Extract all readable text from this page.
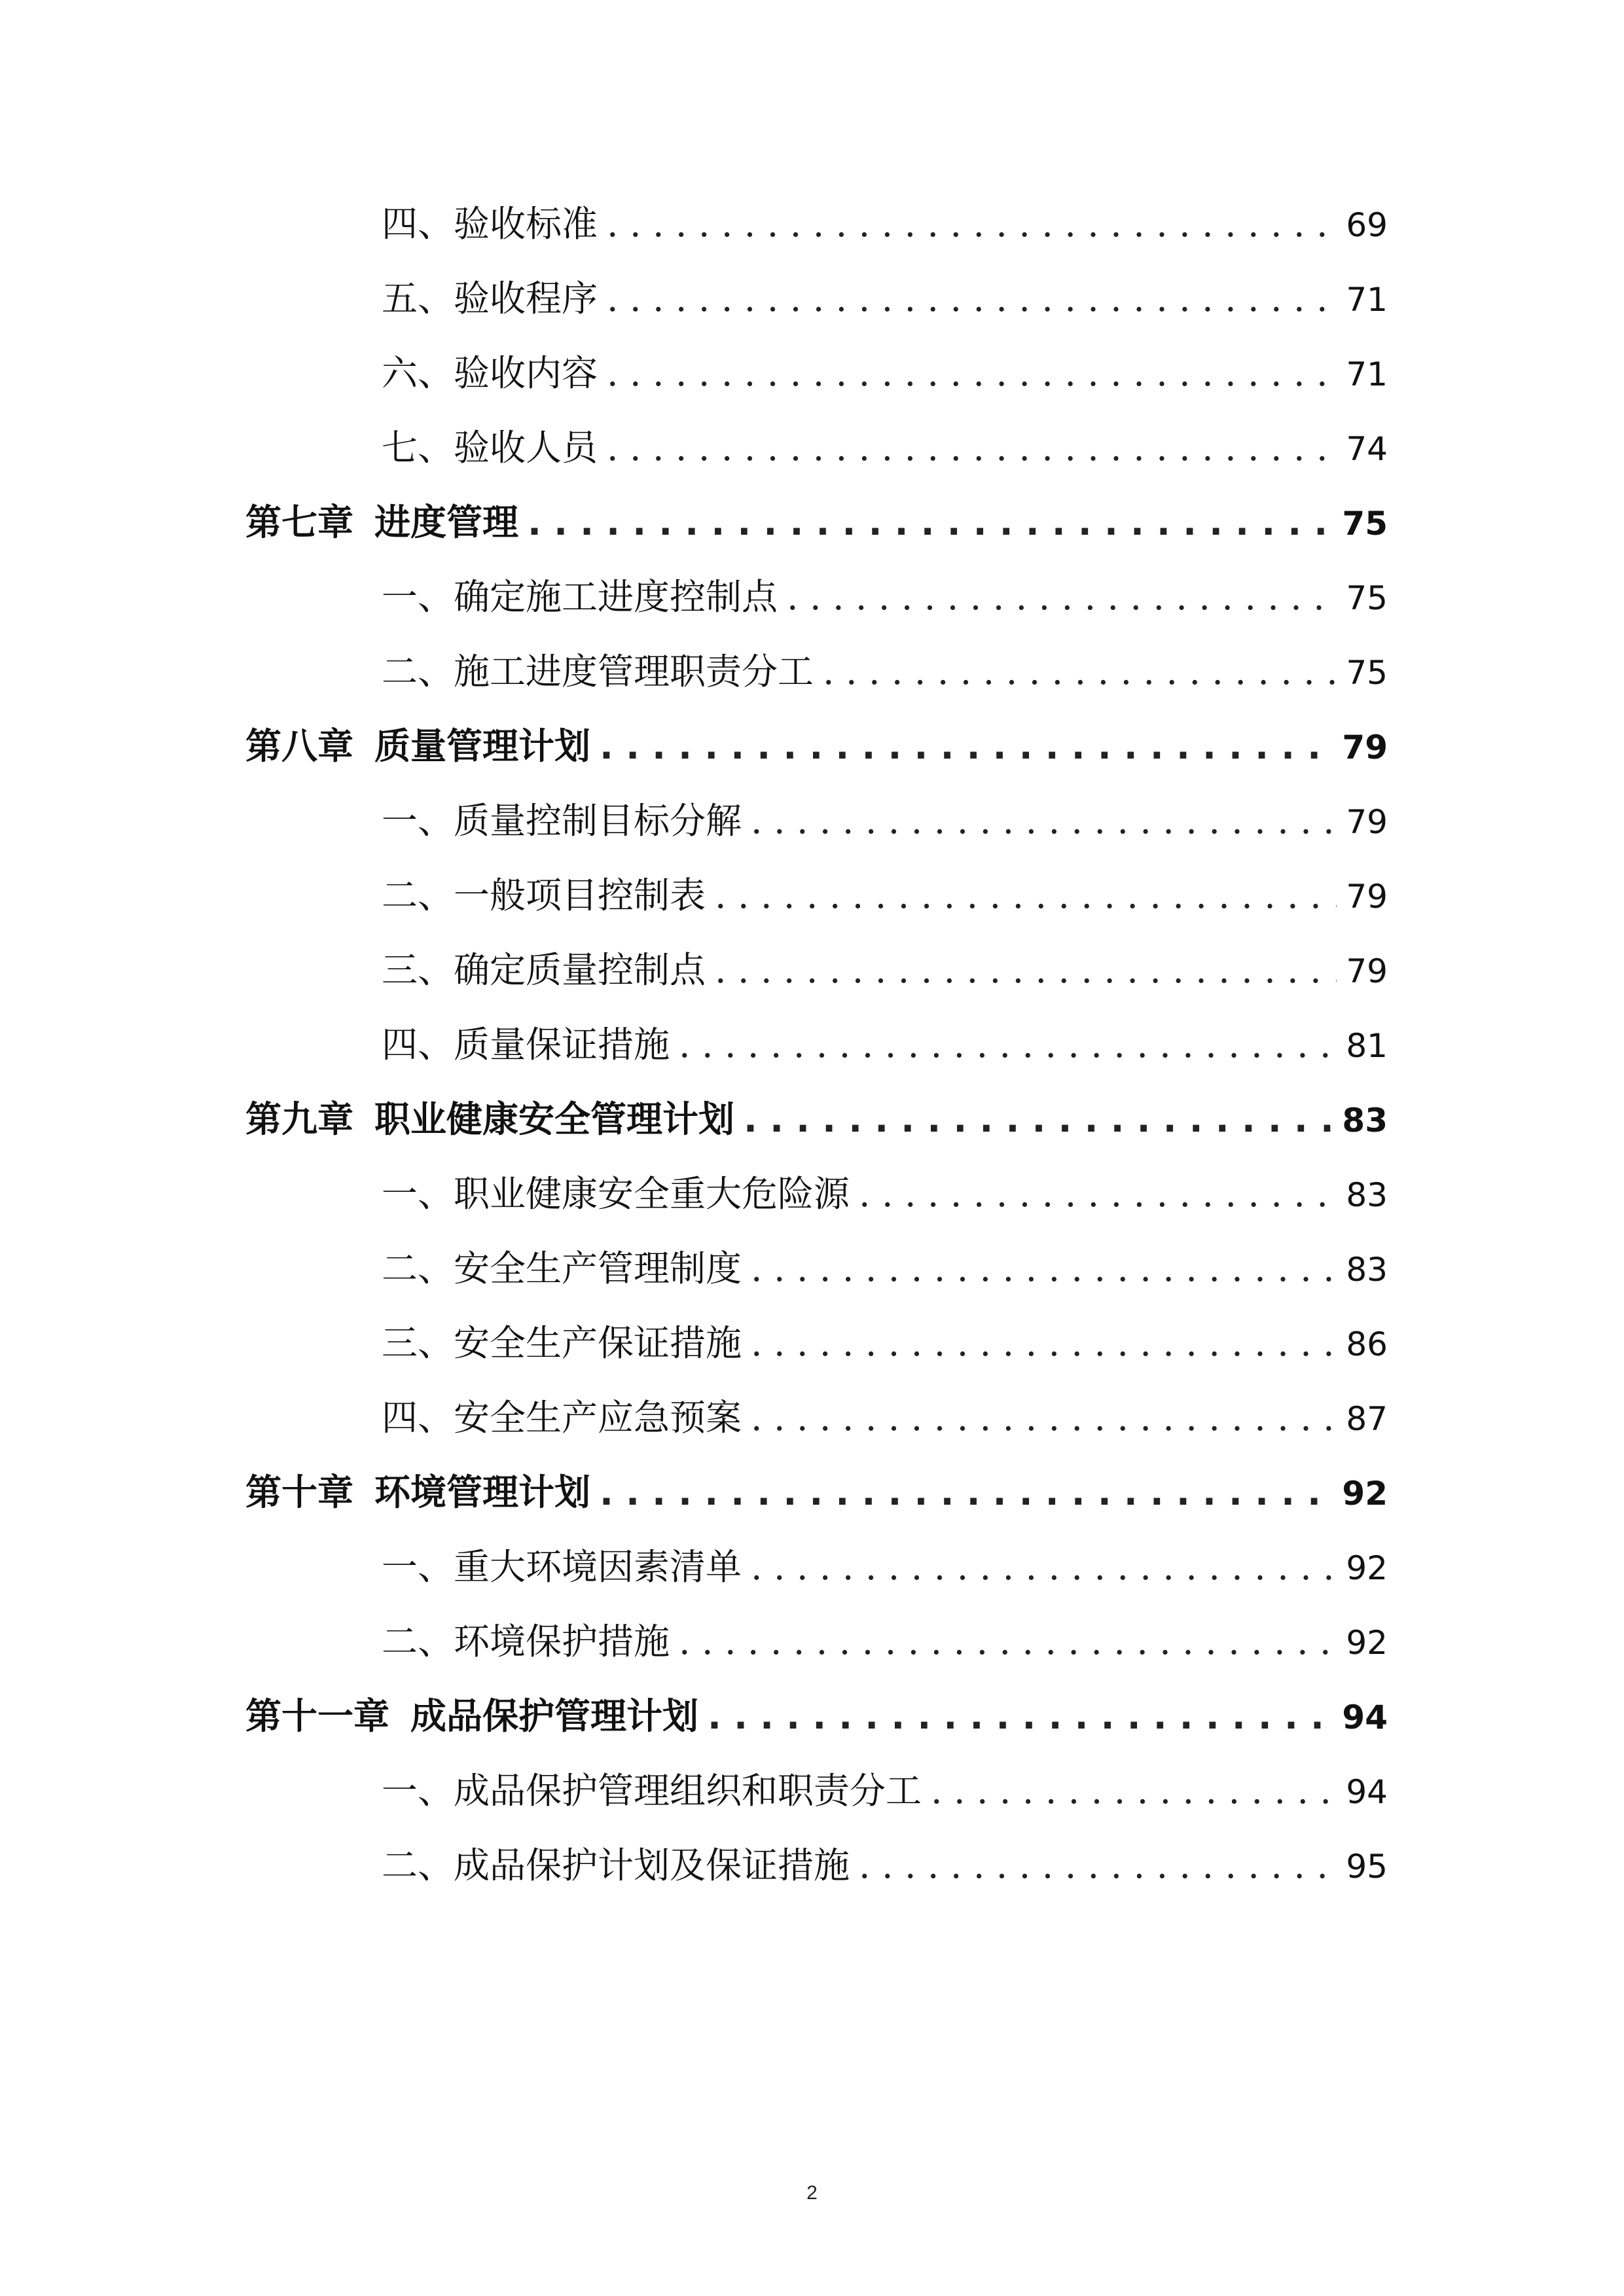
四、验收标准 . . .	69
五、验收程序 . . .	71
六、验收内容 . . .	71
七、验收人员 . . .	74
第七章 进度管理 . . .	75
一、确定施工进度控制点 . . .	75
二、施工进度管理职责分工 . . .	75
第八章 质量管理计划 . . .	79
一、质量控制目标分解 . . .	79
二、一般项目控制表 . . .	79
三、确定质量控制点 . . .	79
四、质量保证措施 . . .	81
第九章 职业健康安全管理计划 . . .	83
一、职业健康安全重大危险源 . . .	83
二、安全生产管理制度 . . .	83
三、安全生产保证措施 . . .	86
四、安全生产应急预案 . . .	87
第十章 环境管理计划 . . .	92
一、重大环境因素清单 . . .	92
二、环境保护措施 . . .	92
第十一章 成品保护管理计划 . . .	94
一、成品保护管理组织和职责分工 . . .	94
二、成品保护计划及保证措施 . . .	95
2
